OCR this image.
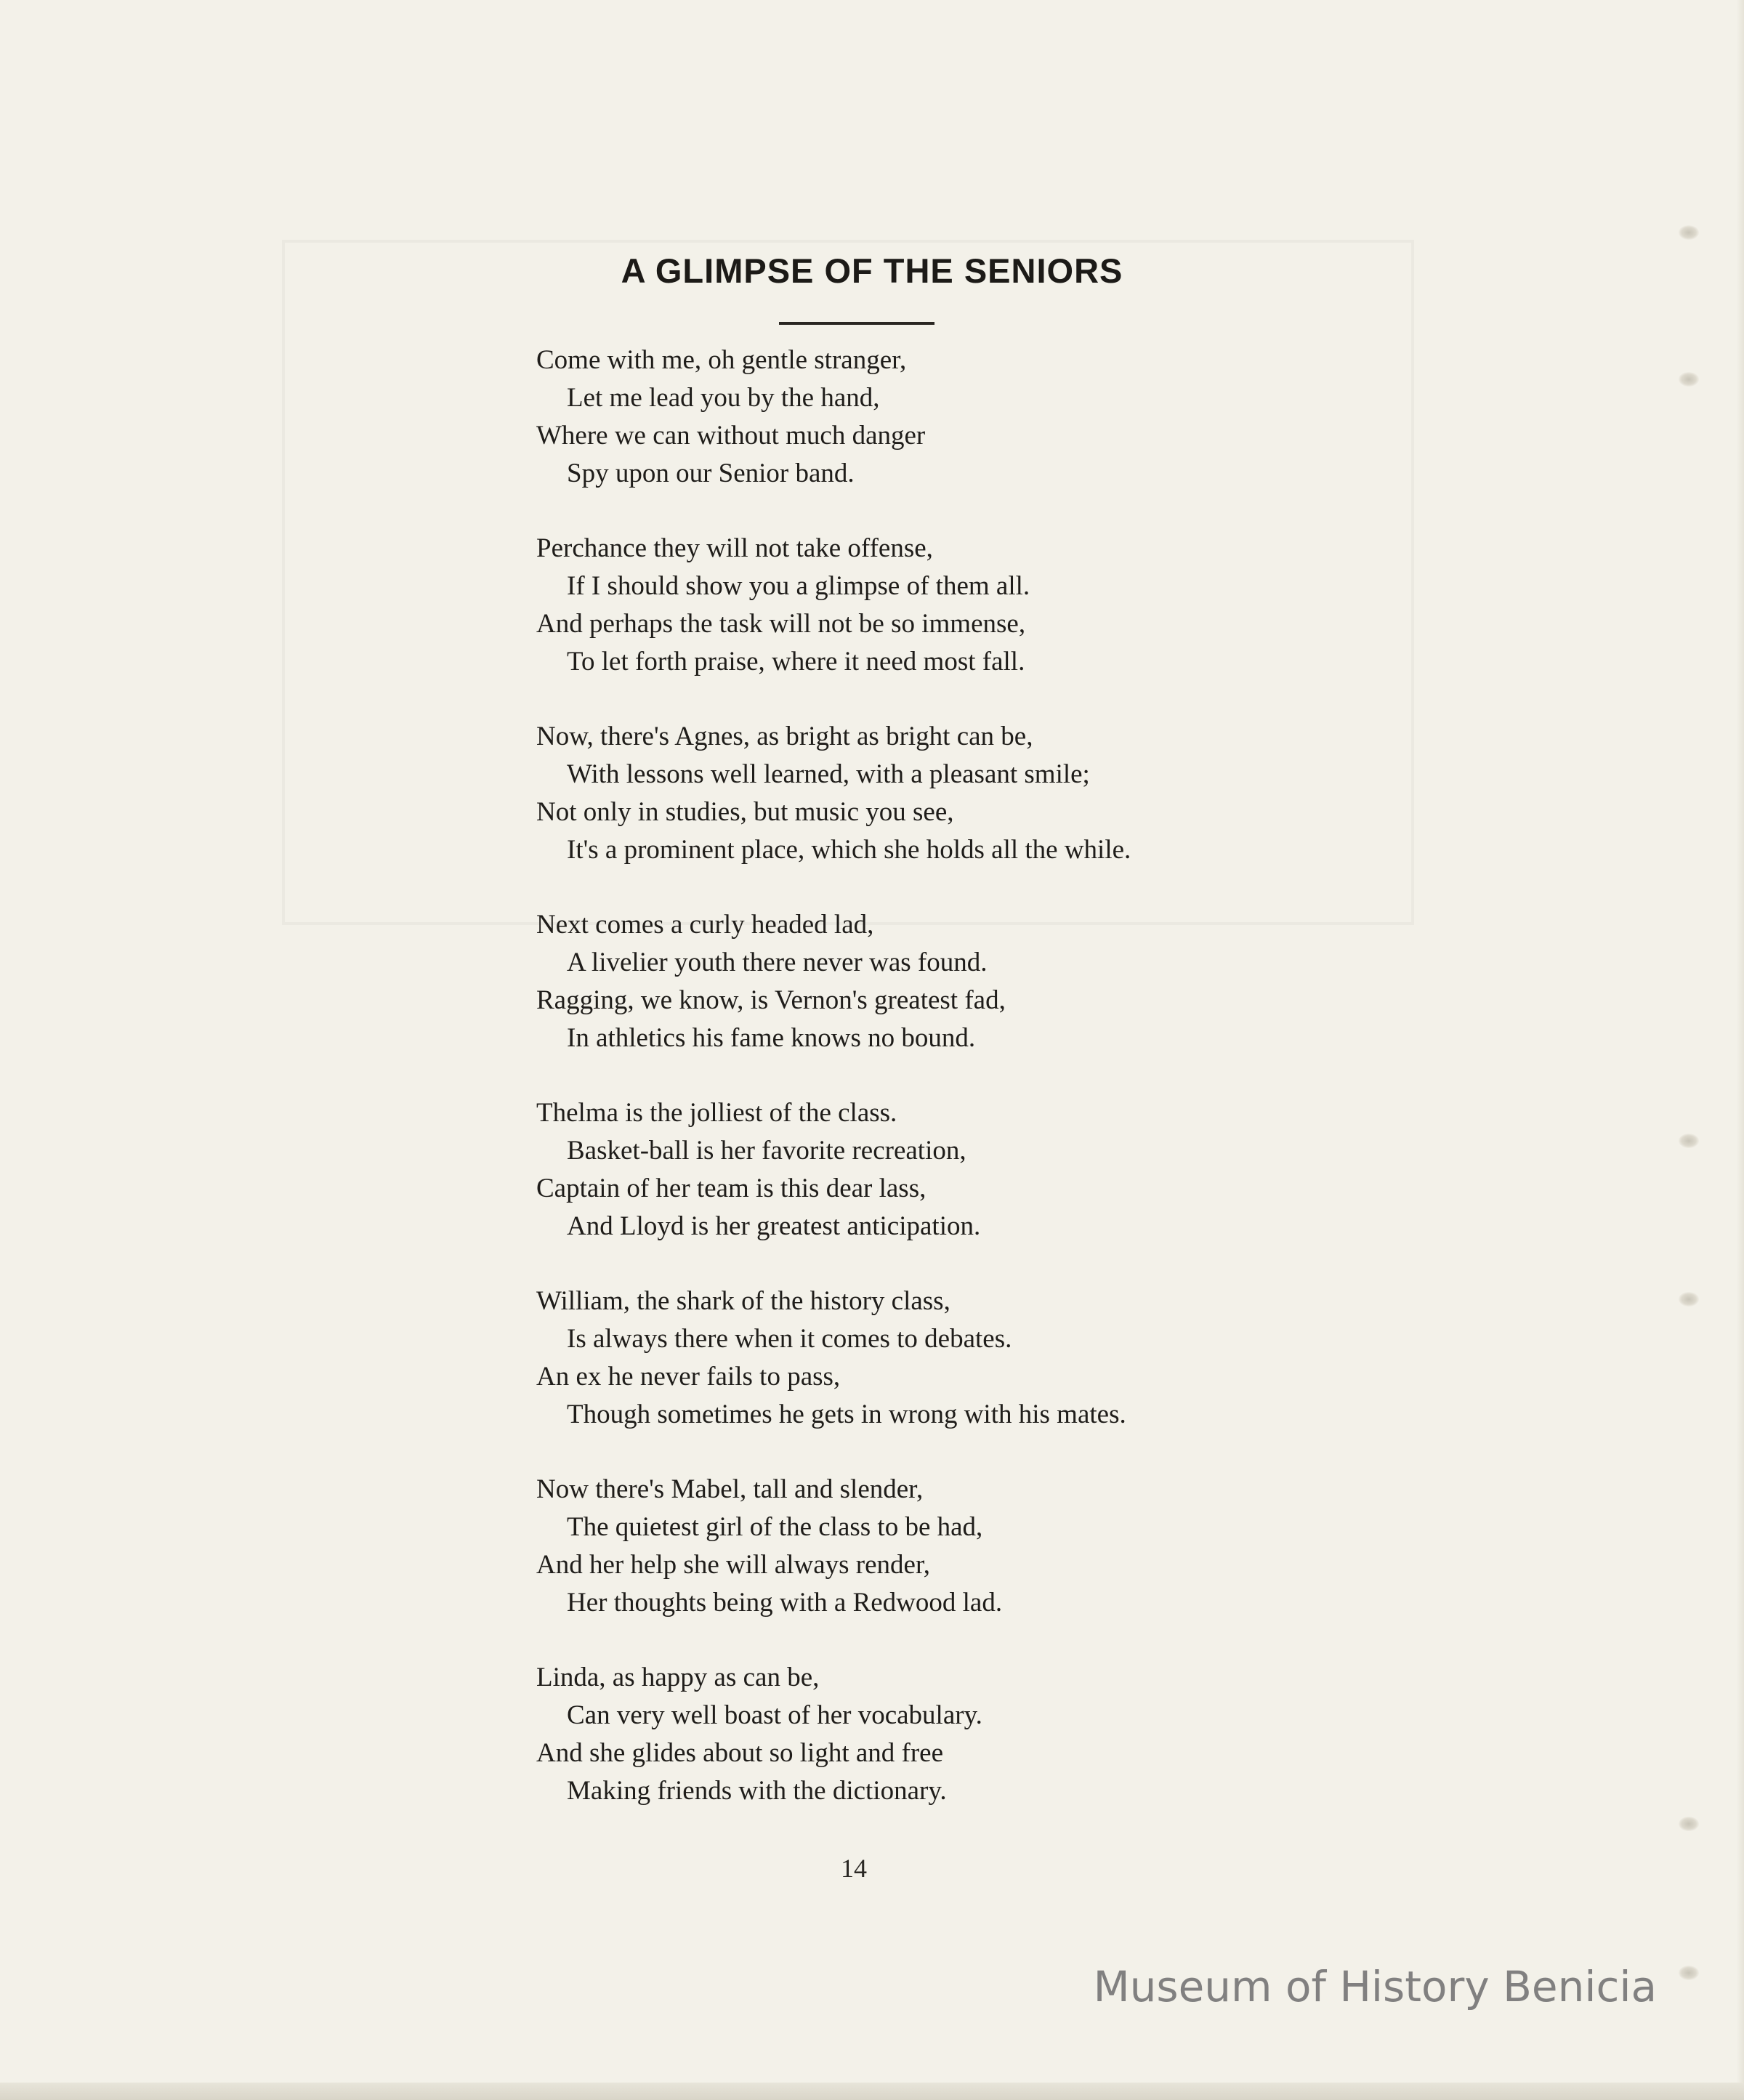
A GLIMPSE OF THE SENIORS
Come with me, oh gentle stranger,
Let me lead you by the hand,
Where we can without much danger
Spy upon our Senior band.
Perchance they will not take offense,
If I should show you a glimpse of them all.
And perhaps the task will not be so immense,
To let forth praise, where it need most fall.
Now, there's Agnes, as bright as bright can be,
With lessons well learned, with a pleasant smile;
Not only in studies, but music you see,
It's a prominent place, which she holds all the while.
Next comes a curly headed lad,
A livelier youth there never was found.
Ragging, we know, is Vernon's greatest fad,
In athletics his fame knows no bound.
Thelma is the jolliest of the class.
Basket-ball is her favorite recreation,
Captain of her team is this dear lass,
And Lloyd is her greatest anticipation.
William, the shark of the history class,
Is always there when it comes to debates.
An ex he never fails to pass,
Though sometimes he gets in wrong with his mates.
Now there's Mabel, tall and slender,
The quietest girl of the class to be had,
And her help she will always render,
Her thoughts being with a Redwood lad.
Linda, as happy as can be,
Can very well boast of her vocabulary.
And she glides about so light and free
Making friends with the dictionary.
14
Museum of History Benicia
